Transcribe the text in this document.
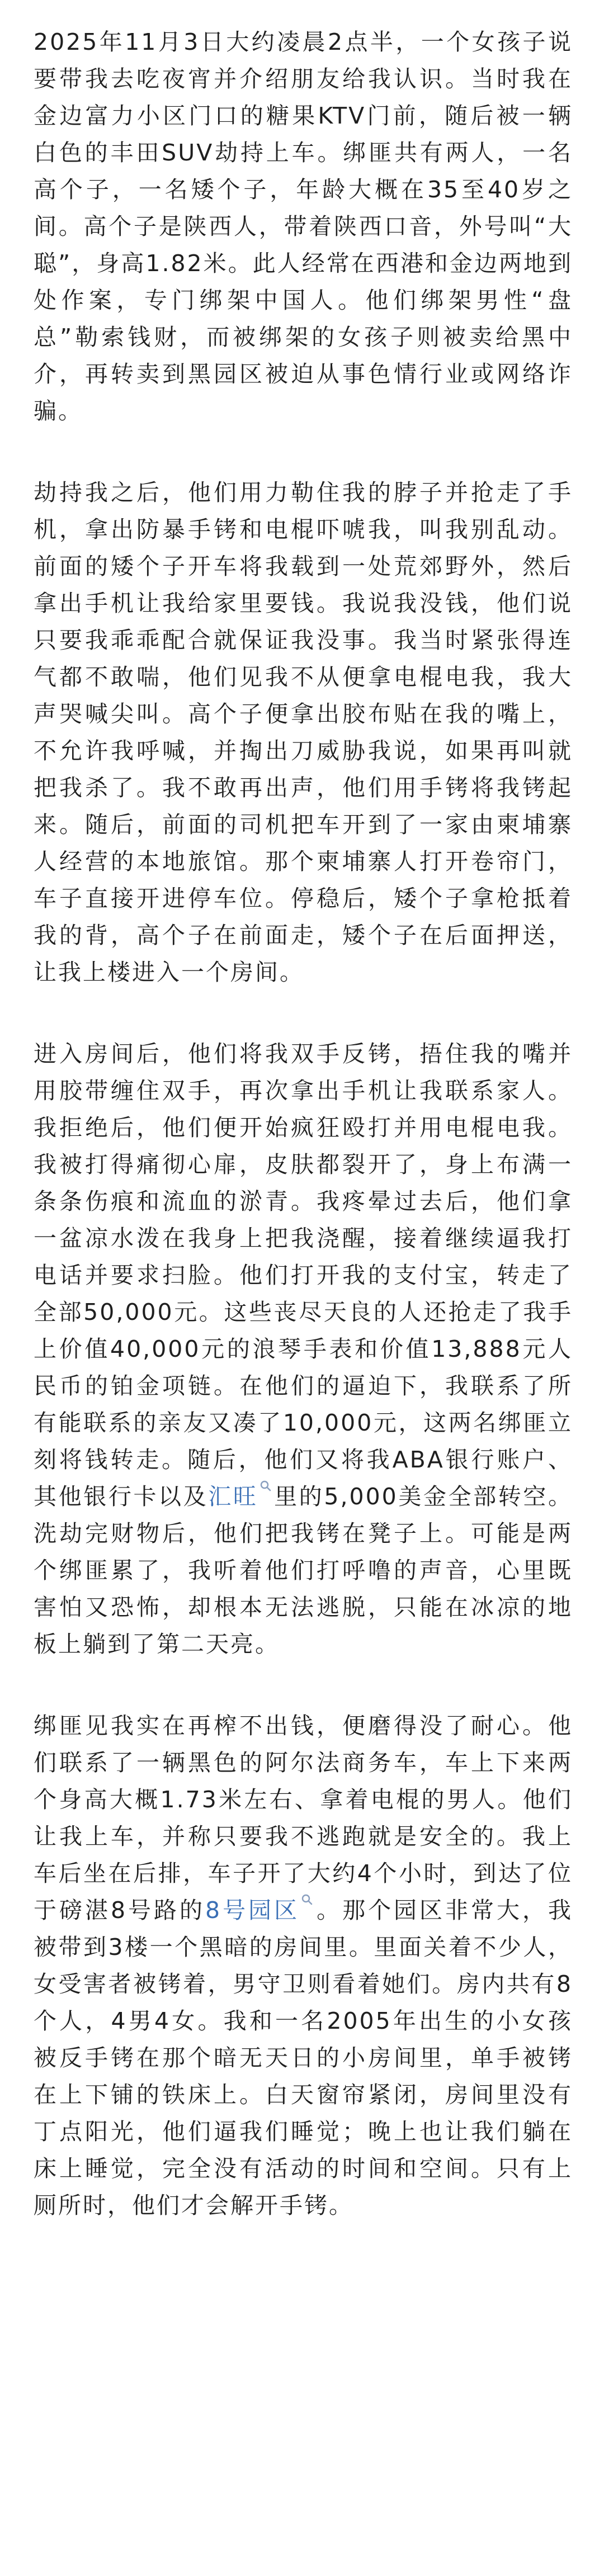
2025年11月3日大约凌晨2点半，一个女孩子说要带我去吃夜宵并介绍朋友给我认识。当时我在金边富力小区门口的糖果KTV门前，随后被一辆白色的丰田SUV劫持上车。绑匪共有两人，一名高个子，一名矮个子，年龄大概在35至40岁之间。高个子是陕西人，带着陕西口音，外号叫“大聪”，身高1.82米。此人经常在西港和金边两地到处作案，专门绑架中国人。他们绑架男性“盘总”勒索钱财，而被绑架的女孩子则被卖给黑中介，再转卖到黑园区被迫从事色情行业或网络诈骗。

劫持我之后，他们用力勒住我的脖子并抢走了手机，拿出防暴手铐和电棍吓唬我，叫我别乱动。前面的矮个子开车将我载到一处荒郊野外，然后拿出手机让我给家里要钱。我说我没钱，他们说只要我乖乖配合就保证我没事。我当时紧张得连气都不敢喘，他们见我不从便拿电棍电我，我大声哭喊尖叫。高个子便拿出胶布贴在我的嘴上，不允许我呼喊，并掏出刀威胁我说，如果再叫就把我杀了。我不敢再出声，他们用手铐将我铐起来。随后，前面的司机把车开到了一家由柬埔寨人经营的本地旅馆。那个柬埔寨人打开卷帘门，车子直接开进停车位。停稳后，矮个子拿枪抵着我的背，高个子在前面走，矮个子在后面押送，让我上楼进入一个房间。

进入房间后，他们将我双手反铐，捂住我的嘴并用胶带缠住双手，再次拿出手机让我联系家人。我拒绝后，他们便开始疯狂殴打并用电棍电我。我被打得痛彻心扉，皮肤都裂开了，身上布满一条条伤痕和流血的淤青。我疼晕过去后，他们拿一盆凉水泼在我身上把我浇醒，接着继续逼我打电话并要求扫脸。他们打开我的支付宝，转走了全部50,000元。这些丧尽天良的人还抢走了我手上价值40,000元的浪琴手表和价值13,888元人民币的铂金项链。在他们的逼迫下，我联系了所有能联系的亲友又凑了10,000元，这两名绑匪立刻将钱转走。随后，他们又将我ABA银行账户、其他银行卡以及汇旺 里的5,000美金全部转空。洗劫完财物后，他们把我铐在凳子上。可能是两个绑匪累了，我听着他们打呼噜的声音，心里既害怕又恐怖，却根本无法逃脱，只能在冰凉的地板上躺到了第二天亮。

绑匪见我实在再榨不出钱，便磨得没了耐心。他们联系了一辆黑色的阿尔法商务车，车上下来两个身高大概1.73米左右、拿着电棍的男人。他们让我上车，并称只要我不逃跑就是安全的。我上车后坐在后排，车子开了大约4个小时，到达了位于磅湛8号路的8号园区 。那个园区非常大，我被带到3楼一个黑暗的房间里。里面关着不少人，女受害者被铐着，男守卫则看着她们。房内共有8个人，4男4女。我和一名2005年出生的小女孩被反手铐在那个暗无天日的小房间里，单手被铐在上下铺的铁床上。白天窗帘紧闭，房间里没有丁点阳光，他们逼我们睡觉；晚上也让我们躺在床上睡觉，完全没有活动的时间和空间。只有上厕所时，他们才会解开手铐。
